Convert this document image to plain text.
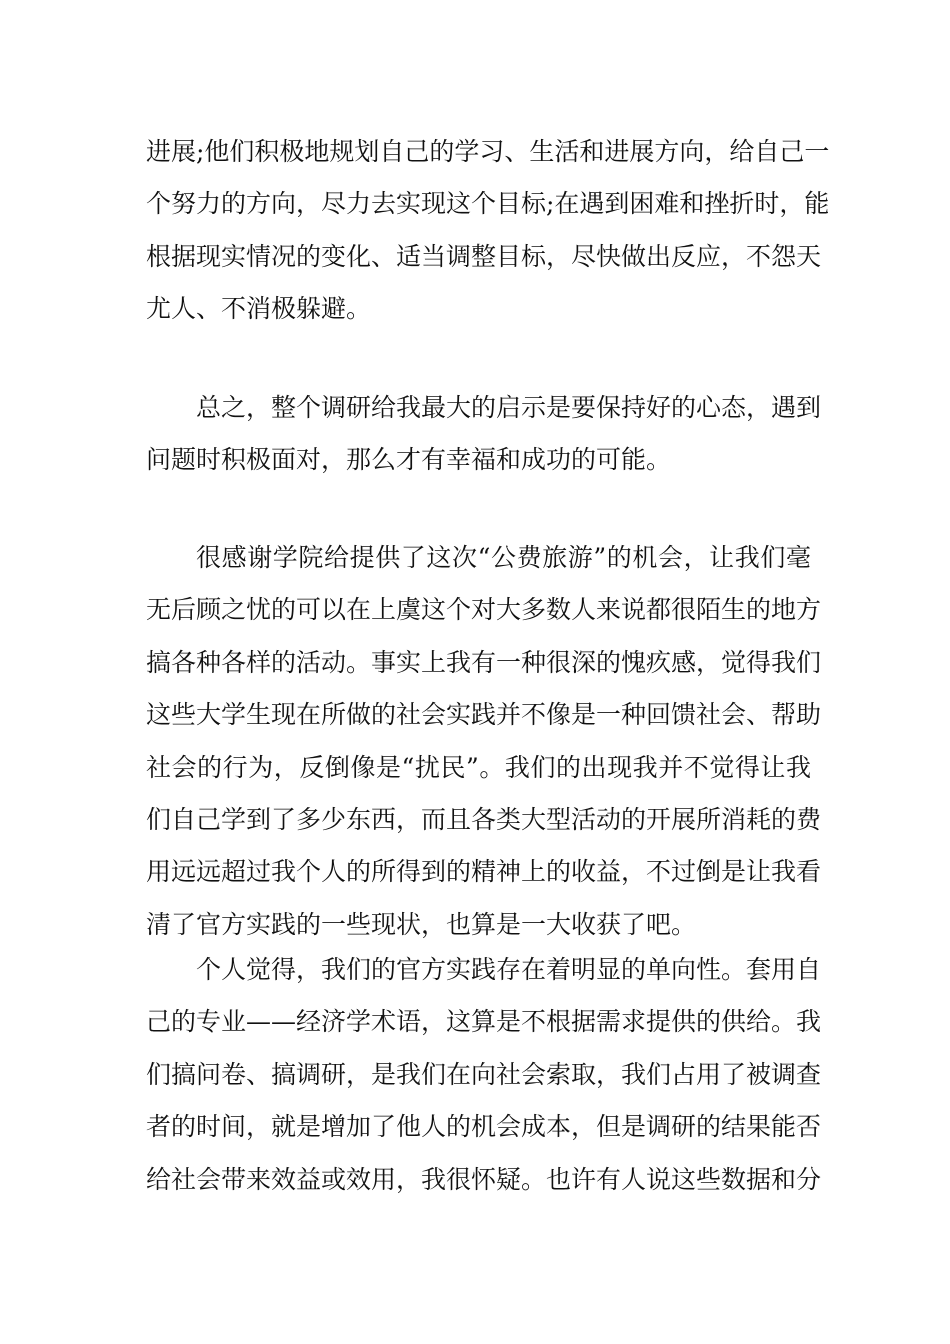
进展;他们积极地规划自己的学习、生活和进展方向，给自己一
个努力的方向，尽力去实现这个目标;在遇到困难和挫折时，能
根据现实情况的变化、适当调整目标，尽快做出反应，不怨天
尤人、不消极躲避。

总之，整个调研给我最大的启示是要保持好的心态，遇到
问题时积极面对，那么才有幸福和成功的可能。

很感谢学院给提供了这次“公费旅游”的机会，让我们毫
无后顾之忧的可以在上虞这个对大多数人来说都很陌生的地方
搞各种各样的活动。事实上我有一种很深的愧疚感，觉得我们
这些大学生现在所做的社会实践并不像是一种回馈社会、帮助
社会的行为，反倒像是“扰民”。我们的出现我并不觉得让我
们自己学到了多少东西，而且各类大型活动的开展所消耗的费
用远远超过我个人的所得到的精神上的收益，不过倒是让我看
清了官方实践的一些现状，也算是一大收获了吧。

个人觉得，我们的官方实践存在着明显的单向性。套用自
己的专业——经济学术语，这算是不根据需求提供的供给。我
们搞问卷、搞调研，是我们在向社会索取，我们占用了被调查
者的时间，就是增加了他人的机会成本，但是调研的结果能否
给社会带来效益或效用，我很怀疑。也许有人说这些数据和分
